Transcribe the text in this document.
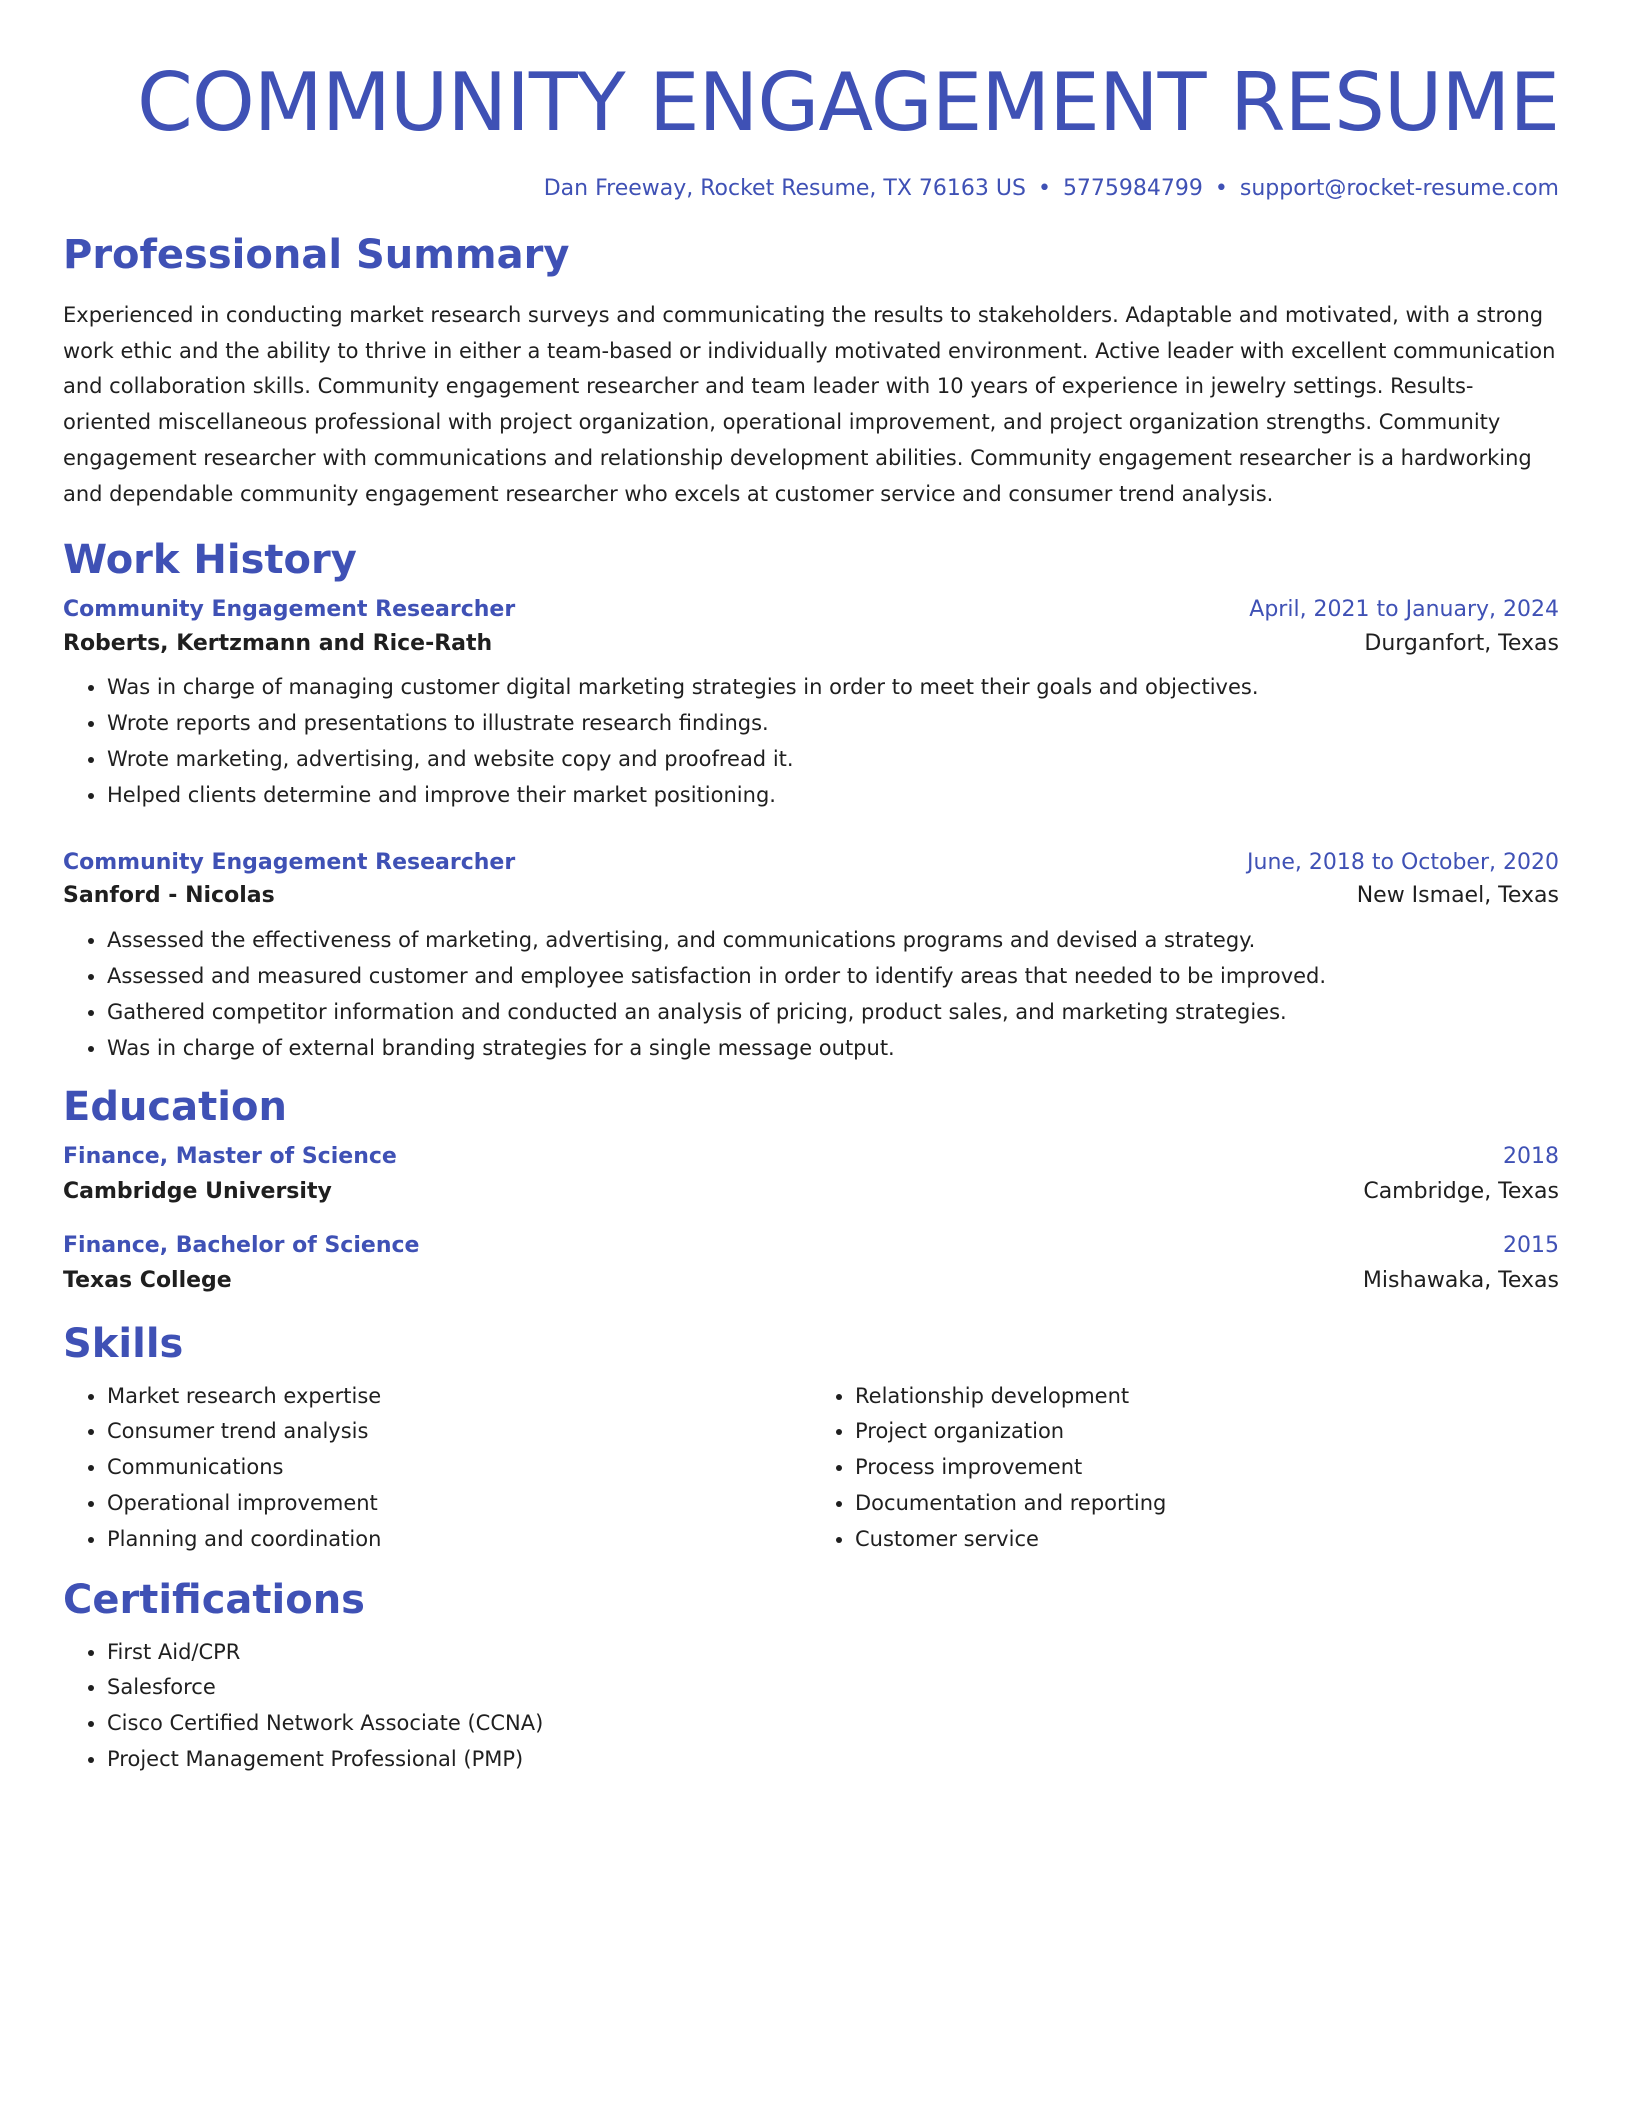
COMMUNITY ENGAGEMENT RESUME
Dan Freeway, Rocket Resume, TX 76163 US • 5775984799 • support@rocket-resume.com
Professional Summary
Experienced in conducting market research surveys and communicating the results to stakeholders. Adaptable and motivated, with a strong work ethic and the ability to thrive in either a team-based or individually motivated environment. Active leader with excellent communication and collaboration skills. Community engagement researcher and team leader with 10 years of experience in jewelry settings. Results-oriented miscellaneous professional with project organization, operational improvement, and project organization strengths. Community engagement researcher with communications and relationship development abilities. Community engagement researcher is a hardworking and dependable community engagement researcher who excels at customer service and consumer trend analysis.
Work History
Community Engagement Researcher	April, 2021 to January, 2024
Roberts, Kertzmann and Rice-Rath	Durganfort, Texas
• Was in charge of managing customer digital marketing strategies in order to meet their goals and objectives.
• Wrote reports and presentations to illustrate research findings.
• Wrote marketing, advertising, and website copy and proofread it.
• Helped clients determine and improve their market positioning.
Community Engagement Researcher	June, 2018 to October, 2020
Sanford - Nicolas	New Ismael, Texas
• Assessed the effectiveness of marketing, advertising, and communications programs and devised a strategy.
• Assessed and measured customer and employee satisfaction in order to identify areas that needed to be improved.
• Gathered competitor information and conducted an analysis of pricing, product sales, and marketing strategies.
• Was in charge of external branding strategies for a single message output.
Education
Finance, Master of Science	2018
Cambridge University	Cambridge, Texas
Finance, Bachelor of Science	2015
Texas College	Mishawaka, Texas
Skills
• Market research expertise
• Consumer trend analysis
• Communications
• Operational improvement
• Planning and coordination
• Relationship development
• Project organization
• Process improvement
• Documentation and reporting
• Customer service
Certifications
• First Aid/CPR
• Salesforce
• Cisco Certified Network Associate (CCNA)
• Project Management Professional (PMP)
